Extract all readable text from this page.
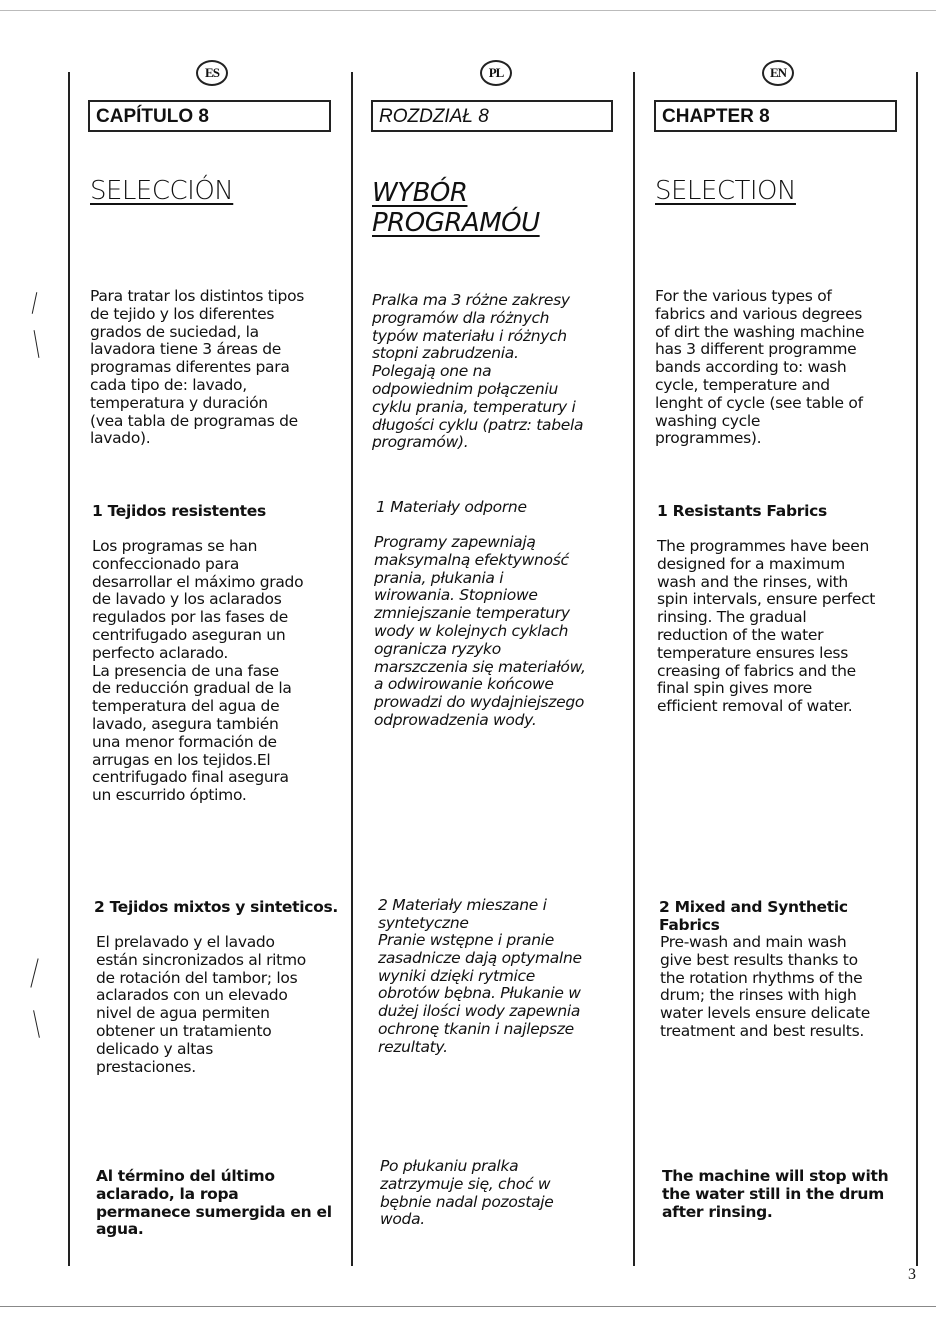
ES
CAPÍTULO 8
SELECCIÓN
Para tratar los distintos tipos
de tejido y los diferentes
grados de suciedad, la
lavadora tiene 3 áreas de
programas diferentes para
cada tipo de: lavado,
temperatura y duración
(vea tabla de programas de
lavado).
1 Tejidos resistentes
Los programas se han
confeccionado para
desarrollar el máximo grado
de lavado y los aclarados
regulados por las fases de
centrifugado aseguran un
perfecto aclarado.
La presencia de una fase
de reducción gradual de la
temperatura del agua de
lavado, asegura también
una menor formación de
arrugas en los tejidos.El
centrifugado final asegura
un escurrido óptimo.
2 Tejidos mixtos y sinteticos.
El prelavado y el lavado
están sincronizados al ritmo
de rotación del tambor; los
aclarados con un elevado
nivel de agua permiten
obtener un tratamiento
delicado y altas
prestaciones.
Al término del último
aclarado, la ropa
permanece sumergida en el
agua.
PL
ROZDZIAŁ 8
WYBÓR
PROGRAMÓU
Pralka ma 3 różne zakresy
programów dla różnych
typów materiału i różnych
stopni zabrudzenia.
Polegają one na
odpowiednim połączeniu
cyklu prania, temperatury i
długości cyklu (patrz: tabela
programów).
1 Materiały odporne
Programy zapewniają
maksymalną efektywność
prania, płukania i
wirowania. Stopniowe
zmniejszanie temperatury
wody w kolejnych cyklach
ogranicza ryzyko
marszczenia się materiałów,
a odwirowanie końcowe
prowadzi do wydajniejszego
odprowadzenia wody.
2 Materiały mieszane i
syntetyczne
Pranie wstępne i pranie
zasadnicze dają optymalne
wyniki dzięki rytmice
obrotów bębna. Płukanie w
dużej ilości wody zapewnia
ochronę tkanin i najlepsze
rezultaty.
Po płukaniu pralka
zatrzymuje się, choć w
bębnie nadal pozostaje
woda.
EN
CHAPTER 8
SELECTION
For the various types of
fabrics and various degrees
of dirt the washing machine
has 3 different programme
bands according to: wash
cycle, temperature and
lenght of cycle (see table of
washing cycle
programmes).
1 Resistants Fabrics
The programmes have been
designed for a maximum
wash and the rinses, with
spin intervals, ensure perfect
rinsing. The gradual
reduction of the water
temperature ensures less
creasing of fabrics and the
final spin gives more
efficient removal of water.
2 Mixed and Synthetic
Fabrics
Pre-wash and main wash
give best results thanks to
the rotation rhythms of the
drum; the rinses with high
water levels ensure delicate
treatment and best results.
The machine will stop with
the water still in the drum
after rinsing.
3
